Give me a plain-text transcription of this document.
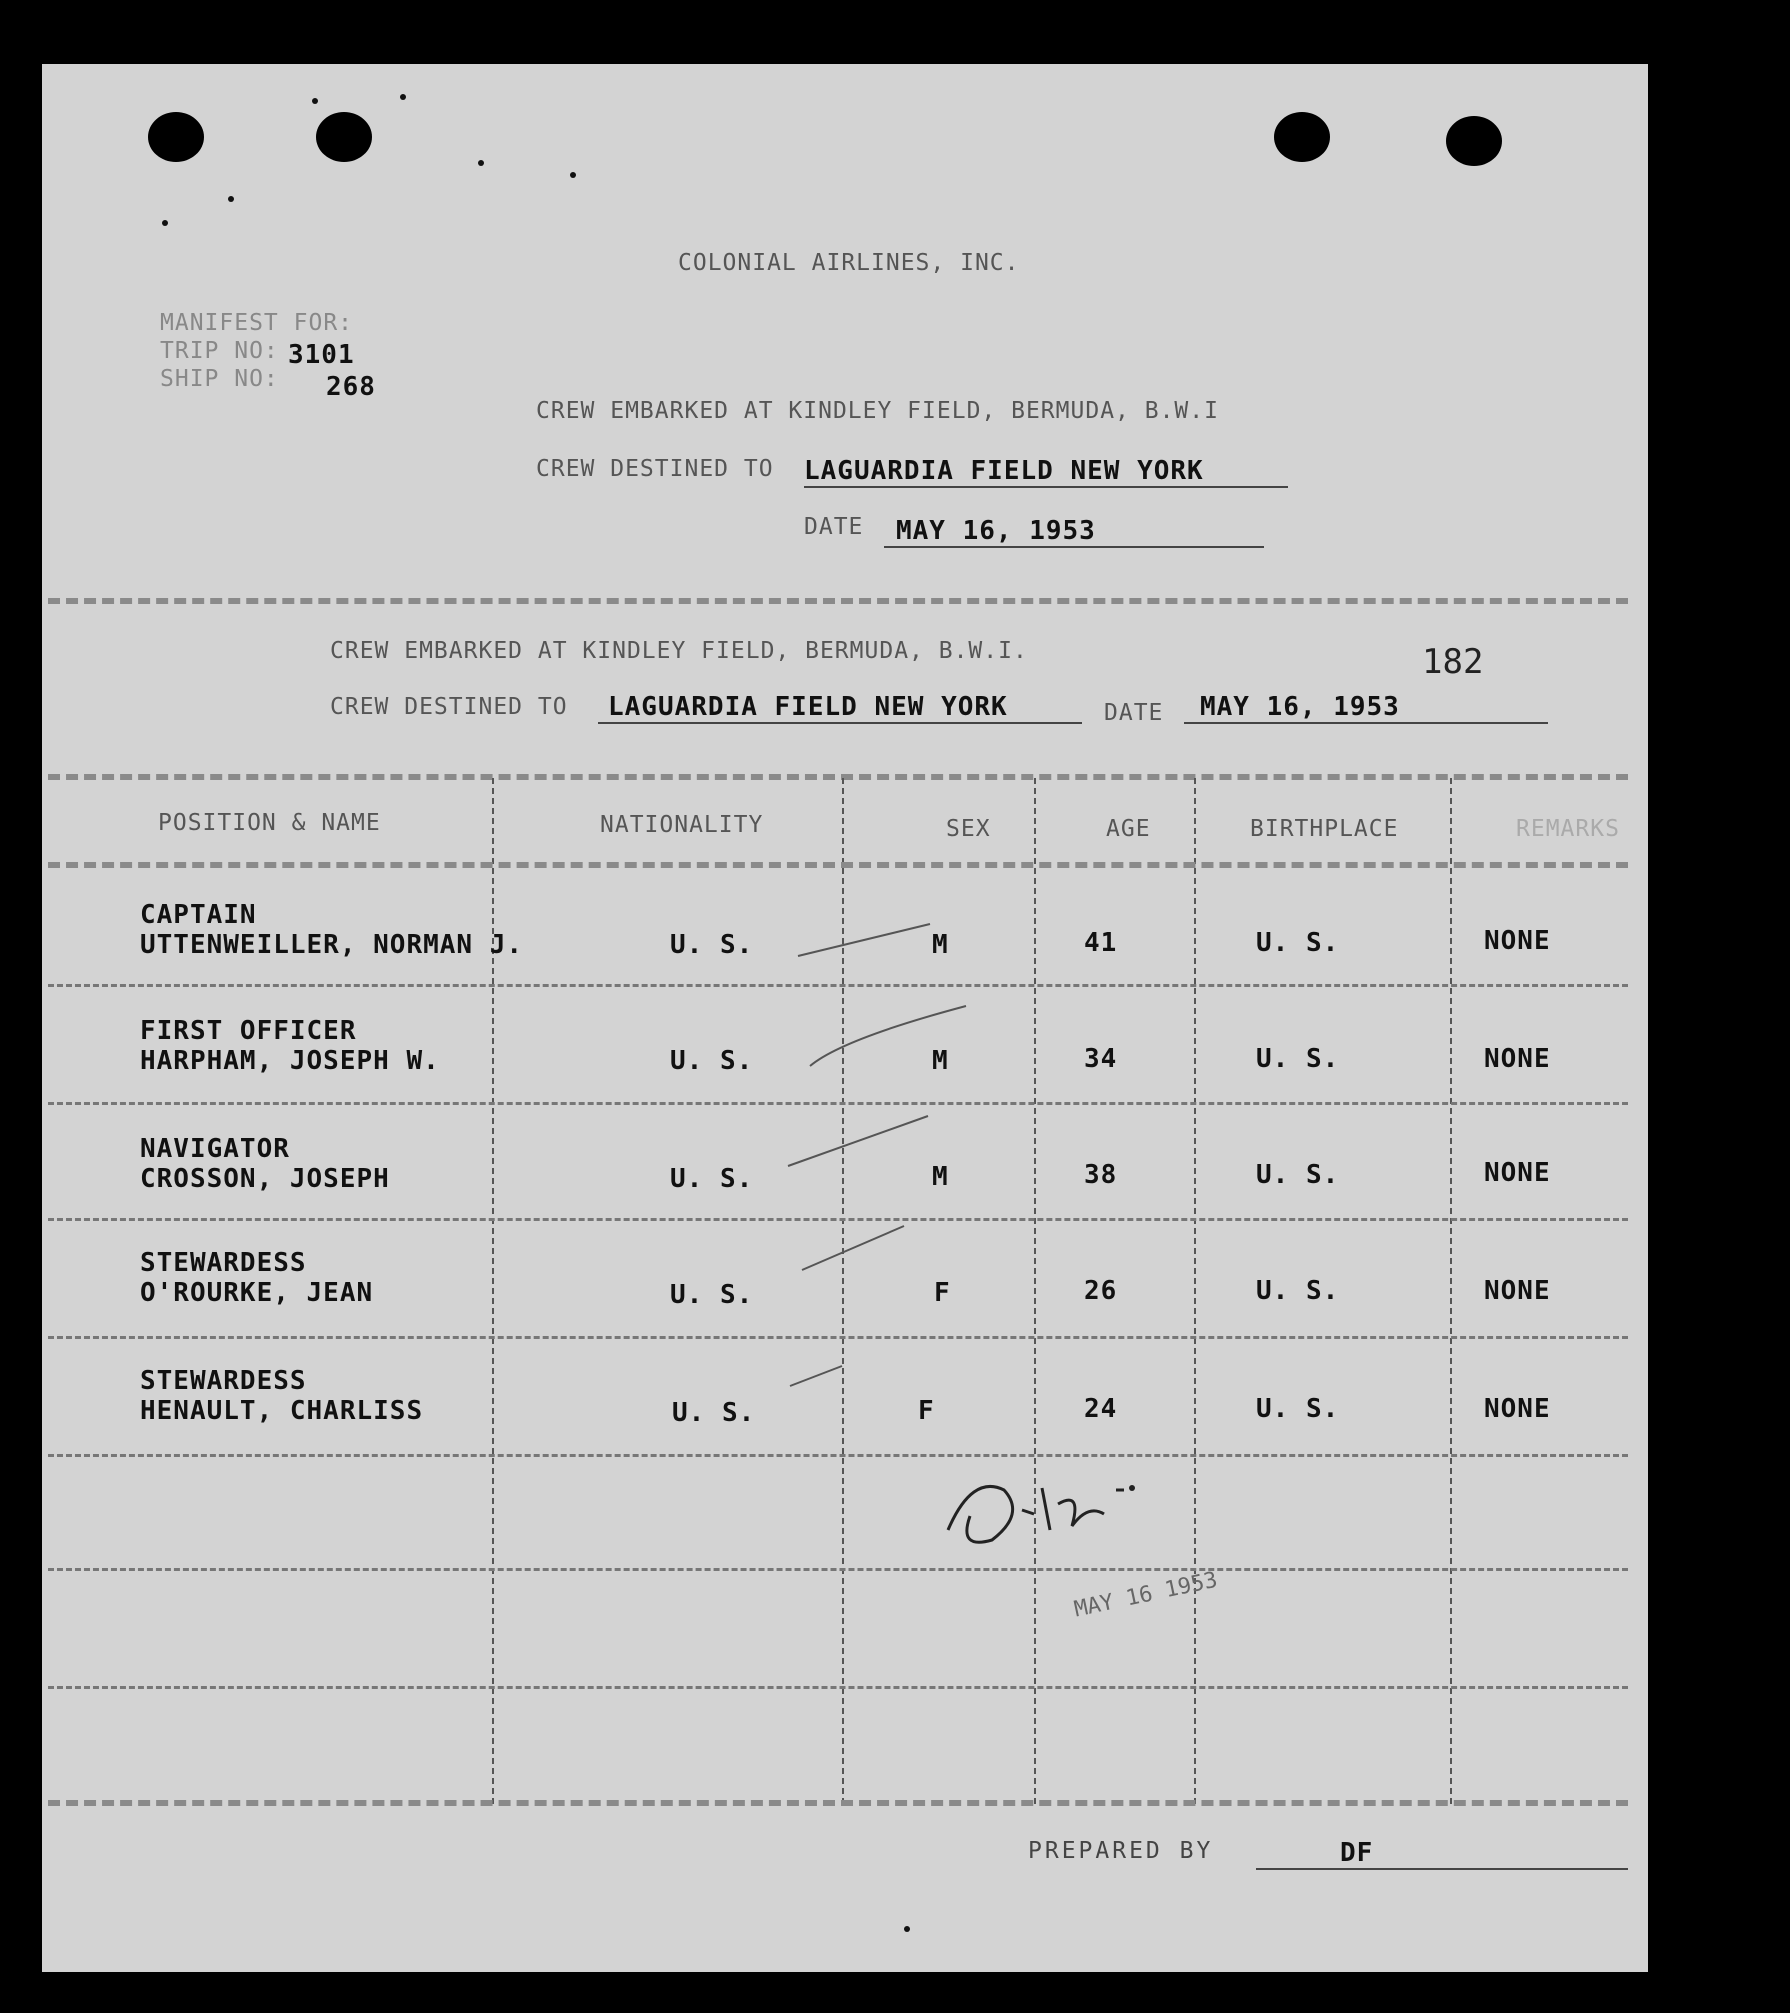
COLONIAL AIRLINES, INC.
MANIFEST FOR:
TRIP NO: 3101
SHIP NO: 268
CREW EMBARKED AT KINDLEY FIELD, BERMUDA, B.W.I
CREW DESTINED TO LAGUARDIA FIELD NEW YORK
DATE	MAY 16, 1953
CREW EMBARKED AT KINDLEY FIELD, BERMUDA, B.W.I.	182
CREW DESTINED TO	LAGUARDIA FIELD NEW YORK	DATE	MAY 16, 1953
POSITION & NAME	NATIONALITY	SEX	AGE	BIRTHPLACE	REMARKS
CAPTAIN
UTTENWEILLER, NORMAN J.	U. S.	M	41	U. S.	NONE
FIRST OFFICER
HARPHAM, JOSEPH W.	U. S.	M	34	U. S.	NONE
NAVIGATOR
CROSSON, JOSEPH	U. S.	M	38	U. S.	NONE
STEWARDESS
O'ROURKE, JEAN	U. S.	F	26	U. S.	NONE
STEWARDESS
HENAULT, CHARLISS	U. S.	F	24	U. S.	NONE
MAY 16 1953
PREPARED BY	DF
